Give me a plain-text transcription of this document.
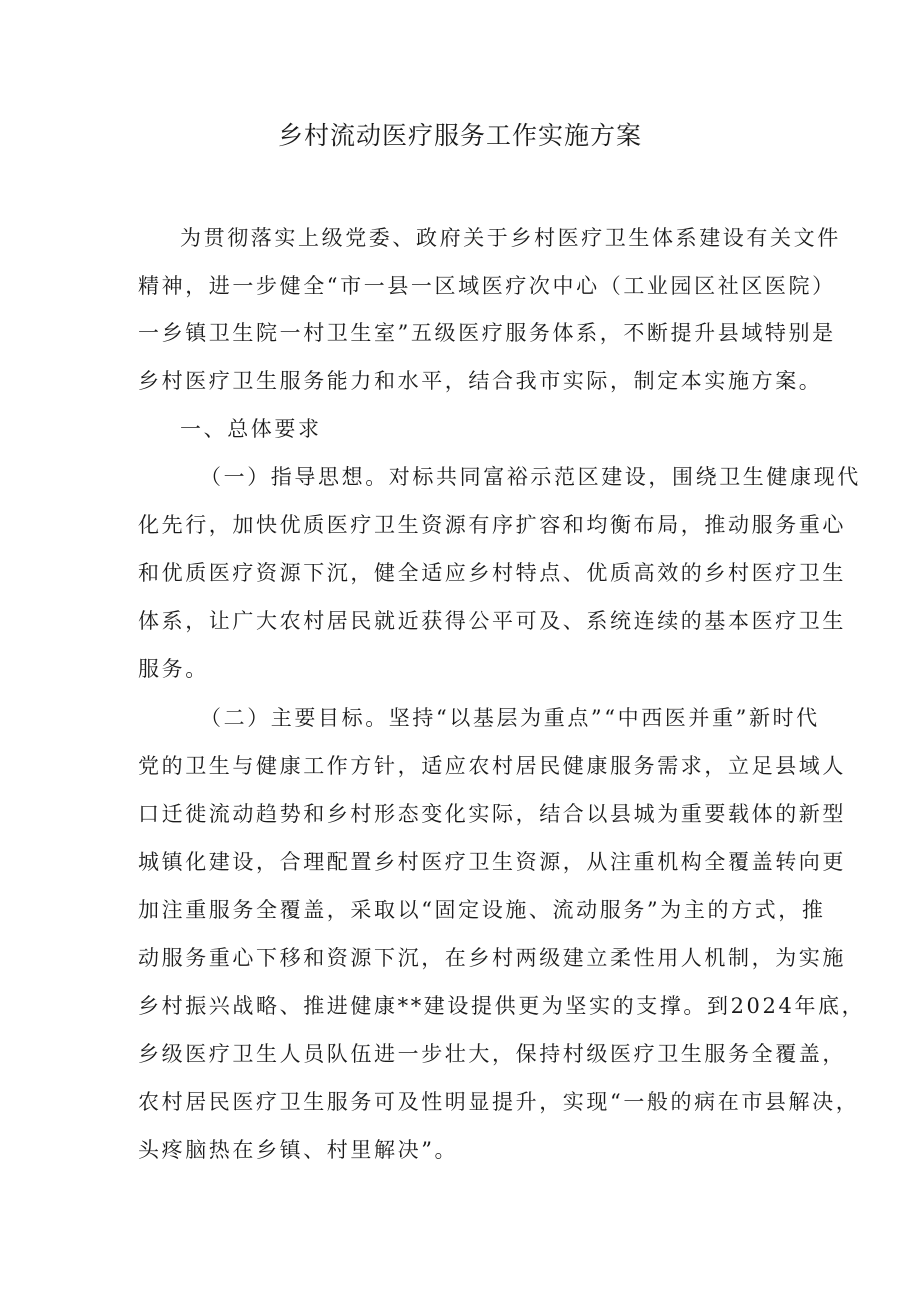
乡村流动医疗服务工作实施方案

为贯彻落实上级党委、政府关于乡村医疗卫生体系建设有关文件

精神，进一步健全“市一县一区域医疗次中心（工业园区社区医院）

一乡镇卫生院一村卫生室”五级医疗服务体系，不断提升县域特别是

乡村医疗卫生服务能力和水平，结合我市实际，制定本实施方案。

一、总体要求

（一）指导思想。对标共同富裕示范区建设，围绕卫生健康现代

化先行，加快优质医疗卫生资源有序扩容和均衡布局，推动服务重心

和优质医疗资源下沉，健全适应乡村特点、优质高效的乡村医疗卫生

体系，让广大农村居民就近获得公平可及、系统连续的基本医疗卫生

服务。

（二）主要目标。坚持“以基层为重点”“中西医并重”新时代

党的卫生与健康工作方针，适应农村居民健康服务需求，立足县域人

口迁徙流动趋势和乡村形态变化实际，结合以县城为重要载体的新型

城镇化建设，合理配置乡村医疗卫生资源，从注重机构全覆盖转向更

加注重服务全覆盖，采取以“固定设施、流动服务”为主的方式，推

动服务重心下移和资源下沉，在乡村两级建立柔性用人机制，为实施

乡村振兴战略、推进健康**建设提供更为坚实的支撑。到2024年底，

乡级医疗卫生人员队伍进一步壮大，保持村级医疗卫生服务全覆盖，

农村居民医疗卫生服务可及性明显提升，实现“一般的病在市县解决，

头疼脑热在乡镇、村里解决”。
